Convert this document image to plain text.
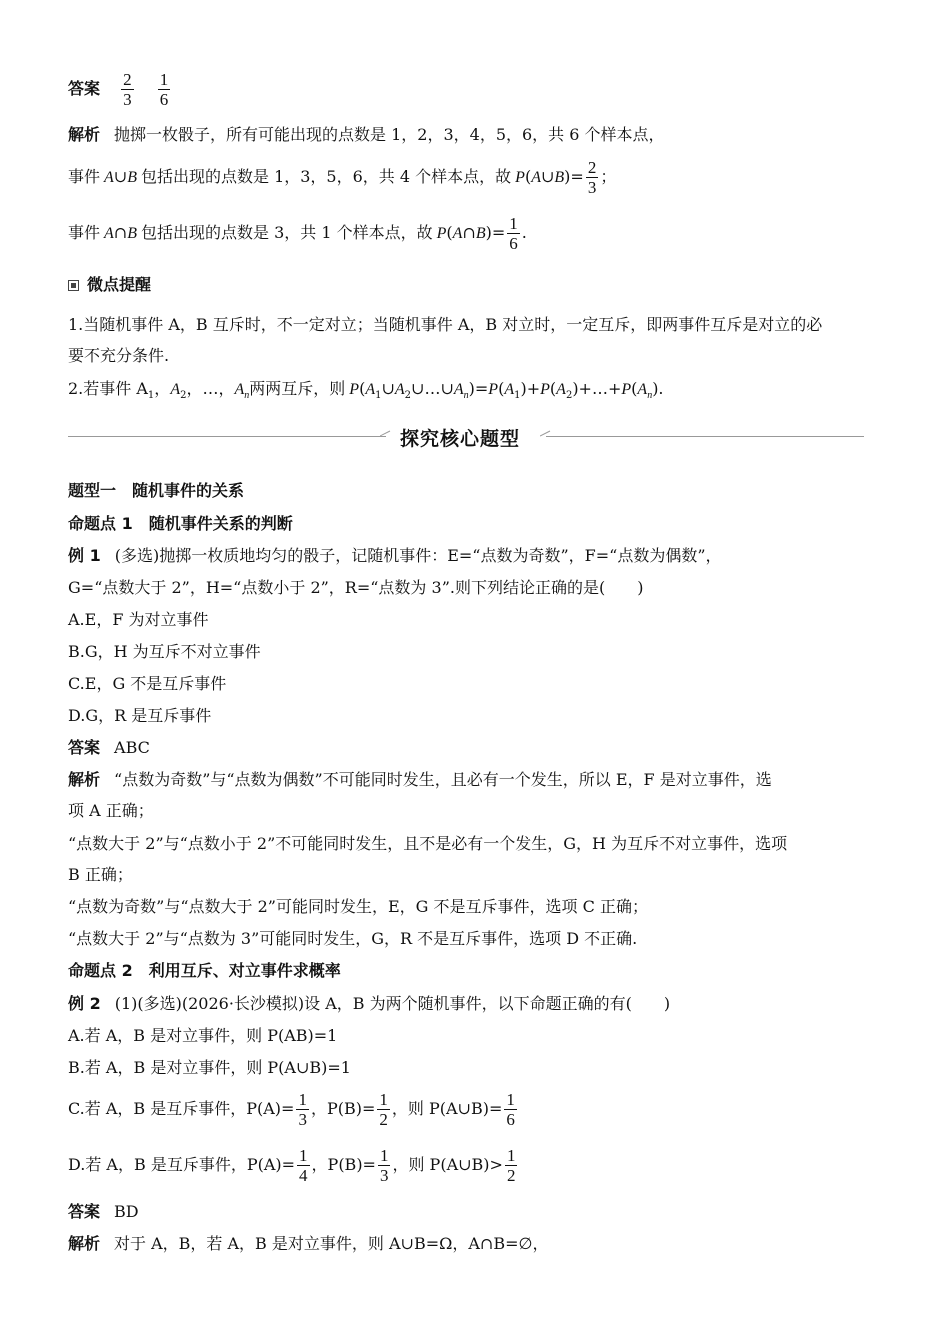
答案 $\frac{2}{3}$
$\frac{1}{6}$
解析 抛掷一枚骰子，所有可能出现的点数是 1，2，3，4，5，6，共 6 个样本点，
事件 A∪B 包括出现的点数是 1，3，5，6，共 4 个样本点，故 P(A∪B)= $\frac{2}{3}$ ；
事件 A∩B 包括出现的点数是 3，共 1 个样本点，故 P(A∩B)= $\frac{1}{6}$ .
微点提醒
1.当随机事件 A，B 互斥时，不一定对立；当随机事件 A，B 对立时，一定互斥，即两事件互斥是对立的必
要不充分条件.
2.若事件 $A_1$，$A_2$，…，$A_n$两两互斥，则 $P(A_1\cup A_2\cup\dots\cup A_n)=P(A_1)+P(A_2)+\dots+P(A_n)$.
探究核心题型
题型一　随机事件的关系
命题点 1　随机事件关系的判断
例 1 (多选)抛掷一枚质地均匀的骰子，记随机事件：E=“点数为奇数”，F=“点数为偶数”，
G=“点数大于 2”，H=“点数小于 2”，R=“点数为 3”.则下列结论正确的是(　　)
A.E，F 为对立事件
B.G，H 为互斥不对立事件
C.E，G 不是互斥事件
D.G，R 是互斥事件
答案 ABC
解析 “点数为奇数”与“点数为偶数”不可能同时发生，且必有一个发生，所以 E，F 是对立事件，选
项 A 正确；
“点数大于 2”与“点数小于 2”不可能同时发生，且不是必有一个发生，G，H 为互斥不对立事件，选项
B 正确；
“点数为奇数”与“点数大于 2”可能同时发生，E，G 不是互斥事件，选项 C 正确；
“点数大于 2”与“点数为 3”可能同时发生，G，R 不是互斥事件，选项 D 不正确.
命题点 2　利用互斥、对立事件求概率
例 2 (1)(多选)(2026·长沙模拟)设 A，B 为两个随机事件，以下命题正确的有(　　)
A.若 A，B 是对立事件，则 P(AB)=1
B.若 A，B 是对立事件，则 P(A∪B)=1
C.若 A，B 是互斥事件，$P(A)= \frac{1}{3}$ ，$P(B)= \frac{1}{2}$ ，则 P(A∪B)= $\frac{1}{6}$
D.若 A，B 是互斥事件，$P(A)= \frac{1}{4}$ ，$P(B)= \frac{1}{3}$ ，则 P(A∪B)> $\frac{1}{2}$
答案 BD
解析 对于 A，B，若 A，B 是对立事件，则 A∪B=Ω，A∩B=∅，
